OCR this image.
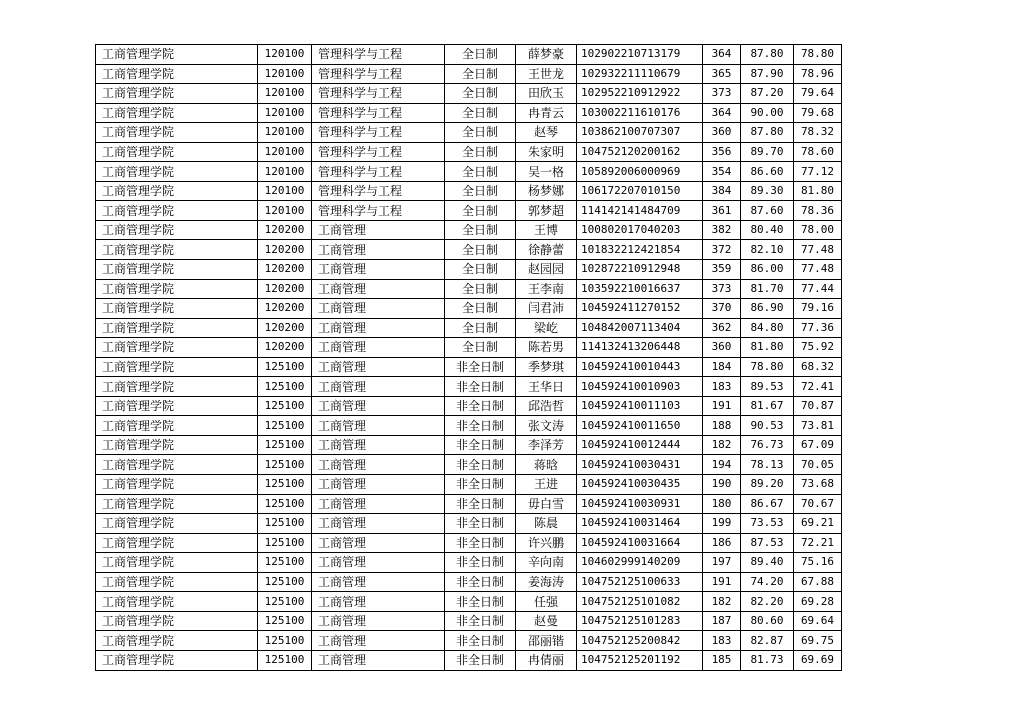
工商管理学院	120100	管理科学与工程	全日制	薛梦豪	102902210713179	364	87.80	78.80
工商管理学院	120100	管理科学与工程	全日制	王世龙	102932211110679	365	87.90	78.96
工商管理学院	120100	管理科学与工程	全日制	田欣玉	102952210912922	373	87.20	79.64
工商管理学院	120100	管理科学与工程	全日制	冉青云	103002211610176	364	90.00	79.68
工商管理学院	120100	管理科学与工程	全日制	赵琴	103862100707307	360	87.80	78.32
工商管理学院	120100	管理科学与工程	全日制	朱家明	104752120200162	356	89.70	78.60
工商管理学院	120100	管理科学与工程	全日制	吴一格	105892006000969	354	86.60	77.12
工商管理学院	120100	管理科学与工程	全日制	杨梦娜	106172207010150	384	89.30	81.80
工商管理学院	120100	管理科学与工程	全日制	郭梦超	114142141484709	361	87.60	78.36
工商管理学院	120200	工商管理	全日制	王博	100802017040203	382	80.40	78.00
工商管理学院	120200	工商管理	全日制	徐静蕾	101832212421854	372	82.10	77.48
工商管理学院	120200	工商管理	全日制	赵园园	102872210912948	359	86.00	77.48
工商管理学院	120200	工商管理	全日制	王李南	103592210016637	373	81.70	77.44
工商管理学院	120200	工商管理	全日制	闫君沛	104592411270152	370	86.90	79.16
工商管理学院	120200	工商管理	全日制	梁屹	104842007113404	362	84.80	77.36
工商管理学院	120200	工商管理	全日制	陈若男	114132413206448	360	81.80	75.92
工商管理学院	125100	工商管理	非全日制	季梦琪	104592410010443	184	78.80	68.32
工商管理学院	125100	工商管理	非全日制	王华日	104592410010903	183	89.53	72.41
工商管理学院	125100	工商管理	非全日制	邱浩哲	104592410011103	191	81.67	70.87
工商管理学院	125100	工商管理	非全日制	张文涛	104592410011650	188	90.53	73.81
工商管理学院	125100	工商管理	非全日制	李泽芳	104592410012444	182	76.73	67.09
工商管理学院	125100	工商管理	非全日制	蒋晗	104592410030431	194	78.13	70.05
工商管理学院	125100	工商管理	非全日制	王进	104592410030435	190	89.20	73.68
工商管理学院	125100	工商管理	非全日制	毋白雪	104592410030931	180	86.67	70.67
工商管理学院	125100	工商管理	非全日制	陈晨	104592410031464	199	73.53	69.21
工商管理学院	125100	工商管理	非全日制	许兴鹏	104592410031664	186	87.53	72.21
工商管理学院	125100	工商管理	非全日制	辛向南	104602999140209	197	89.40	75.16
工商管理学院	125100	工商管理	非全日制	姜海涛	104752125100633	191	74.20	67.88
工商管理学院	125100	工商管理	非全日制	任强	104752125101082	182	82.20	69.28
工商管理学院	125100	工商管理	非全日制	赵曼	104752125101283	187	80.60	69.64
工商管理学院	125100	工商管理	非全日制	邵丽锴	104752125200842	183	82.87	69.75
工商管理学院	125100	工商管理	非全日制	冉倩丽	104752125201192	185	81.73	69.69
